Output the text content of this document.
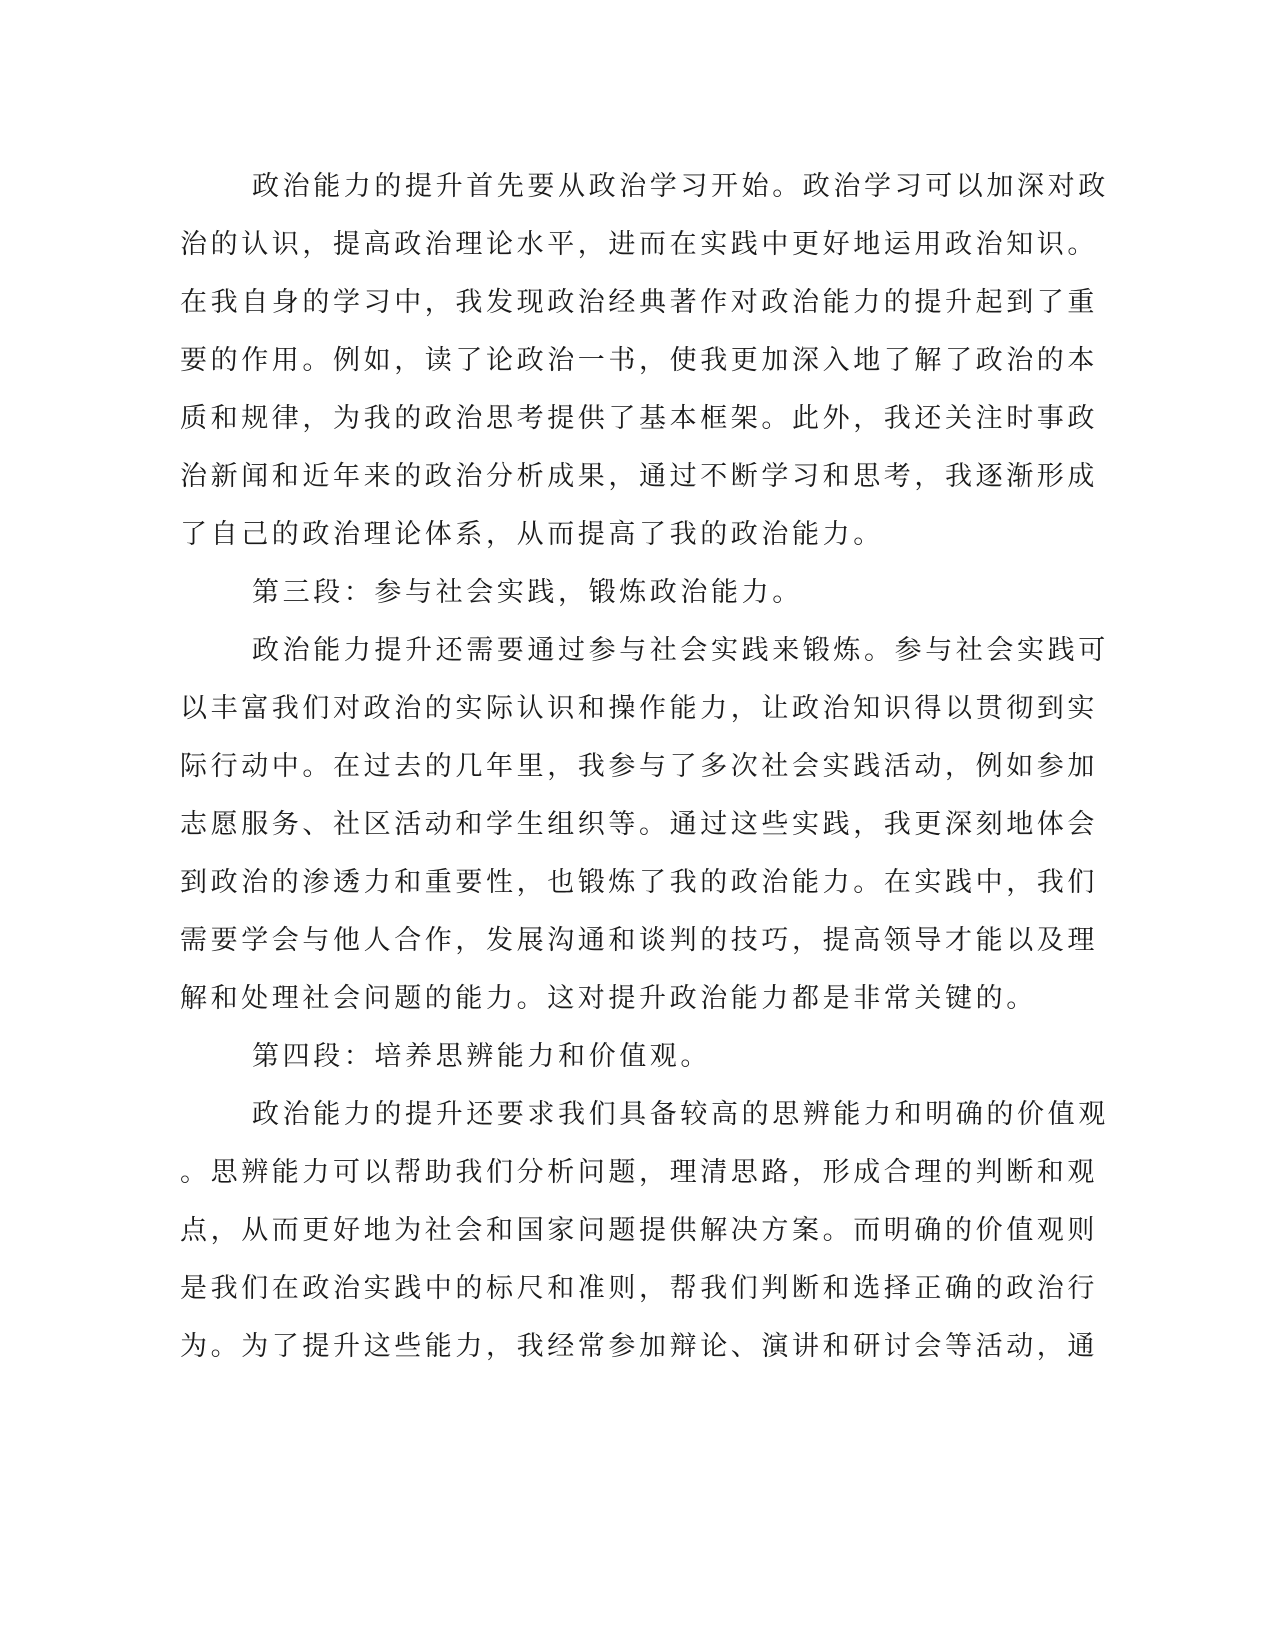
政治能力的提升首先要从政治学习开始。政治学习可以加深对政
治的认识，提高政治理论水平，进而在实践中更好地运用政治知识。
在我自身的学习中，我发现政治经典著作对政治能力的提升起到了重
要的作用。例如，读了论政治一书，使我更加深入地了解了政治的本
质和规律，为我的政治思考提供了基本框架。此外，我还关注时事政
治新闻和近年来的政治分析成果，通过不断学习和思考，我逐渐形成
了自己的政治理论体系，从而提高了我的政治能力。
第三段：参与社会实践，锻炼政治能力。
政治能力提升还需要通过参与社会实践来锻炼。参与社会实践可
以丰富我们对政治的实际认识和操作能力，让政治知识得以贯彻到实
际行动中。在过去的几年里，我参与了多次社会实践活动，例如参加
志愿服务、社区活动和学生组织等。通过这些实践，我更深刻地体会
到政治的渗透力和重要性，也锻炼了我的政治能力。在实践中，我们
需要学会与他人合作，发展沟通和谈判的技巧，提高领导才能以及理
解和处理社会问题的能力。这对提升政治能力都是非常关键的。
第四段：培养思辨能力和价值观。
政治能力的提升还要求我们具备较高的思辨能力和明确的价值观
。思辨能力可以帮助我们分析问题，理清思路，形成合理的判断和观
点，从而更好地为社会和国家问题提供解决方案。而明确的价值观则
是我们在政治实践中的标尺和准则，帮我们判断和选择正确的政治行
为。为了提升这些能力，我经常参加辩论、演讲和研讨会等活动，通
